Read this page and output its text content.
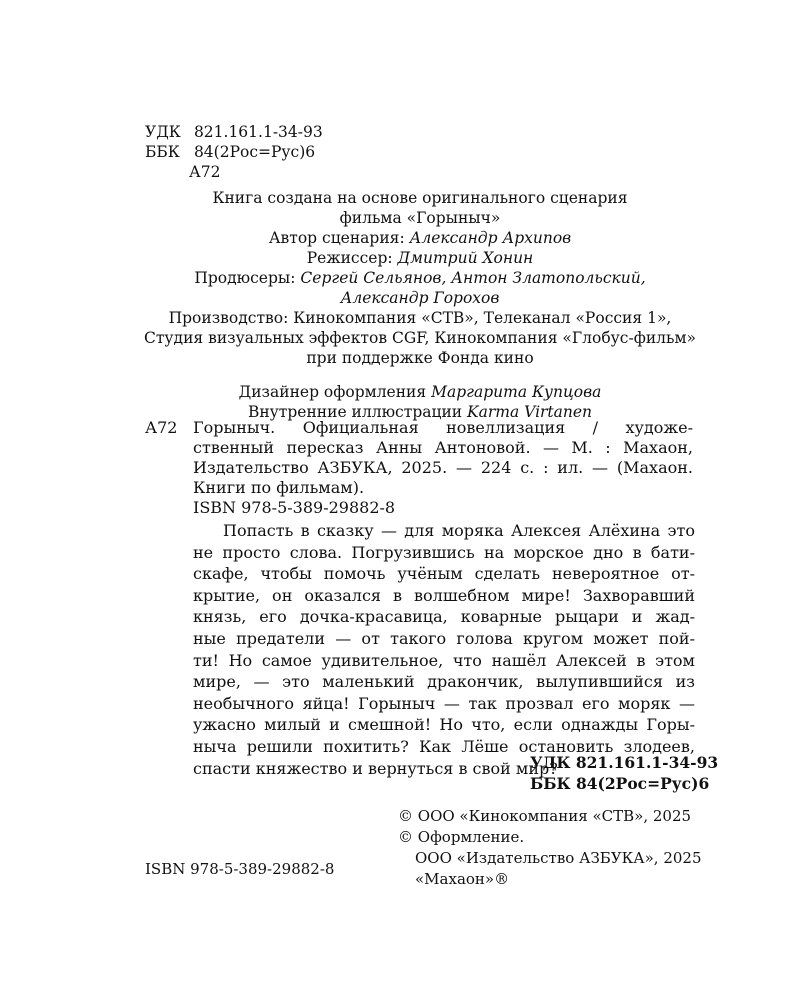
УДК 821.161.1-34-93
ББК 84(2Рос=Рус)6
А72
Книга создана на основе оригинального сценария
фильма «Горыныч»
Автор сценария: Александр Архипов
Режиссер: Дмитрий Хонин
Продюсеры: Сергей Сельянов, Антон Златопольский,
Александр Горохов
Производство: Кинокомпания «СТВ», Телеканал «Россия 1»,
Студия визуальных эффектов CGF, Кинокомпания «Глобус-фильм»
при поддержке Фонда кино
Дизайнер оформления Маргарита Купцова
Внутренние иллюстрации Karma Virtanen
А72 Горыныч. Официальная новеллизация / художе-
ственный пересказ Анны Антоновой. — М. : Махаон,
Издательство АЗБУКА, 2025. — 224 с. : ил. — (Махаон.
Книги по фильмам).
ISBN 978-5-389-29882-8
Попасть в сказку — для моряка Алексея Алёхина это
не просто слова. Погрузившись на морское дно в бати-
скафе, чтобы помочь учёным сделать невероятное от-
крытие, он оказался в волшебном мире! Захворавший
князь, его дочка-красавица, коварные рыцари и жад-
ные предатели — от такого голова кругом может пой-
ти! Но самое удивительное, что нашёл Алексей в этом
мире, — это маленький дракончик, вылупившийся из
необычного яйца! Горыныч — так прозвал его моряк —
ужасно милый и смешной! Но что, если однажды Горы-
ныча решили похитить? Как Лёше остановить злодеев,
спасти княжество и вернуться в свой мир?
УДК 821.161.1-34-93
ББК 84(2Рос=Рус)6
© ООО «Кинокомпания «СТВ», 2025
© Оформление.
ООО «Издательство АЗБУКА», 2025
«Махаон»®
ISBN 978-5-389-29882-8
